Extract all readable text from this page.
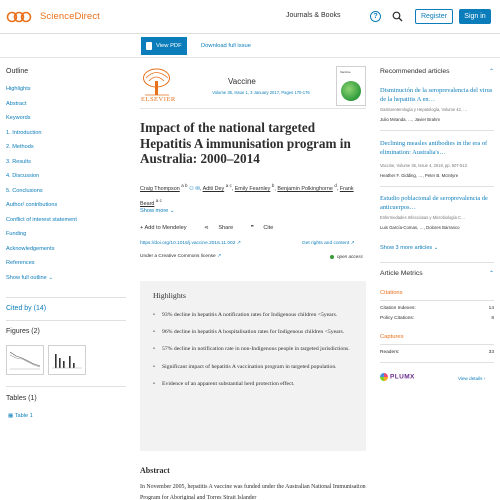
ScienceDirect	Journals & Books	?	Register	Sign in
View PDF	Download full issue
Outline
Highlights
Abstract
Keywords
1. Introduction
2. Methods
3. Results
4. Discussion
5. Conclusions
Author/ contributions
Conflict of interest statement
Funding
Acknowledgements
References
Show full outline ⌄
Cited by (14)
Figures (2)
Tables (1)
▦ Table 1
ELSEVIER
Vaccine
Volume 35, Issue 1, 3 January 2017, Pages 170-176
Vaccine
Impact of the national targeted Hepatitis A immunisation program in Australia: 2000–2014
Craig Thompson $^{a b}$ ⚇ ✉, Aditi Dey $^{a c}$, Emily Fearnley $^b$, Benjamin Polkinghorne $^d$, Frank Beard $^{a c}$
Show more ⌄
+ Add to Mendeley	⋖ Share	❞ Cite
https://doi.org/10.1016/j.vaccine.2016.11.002 ↗	Get rights and content ↗
Under a Creative Commons license ↗	open access
Highlights
• 93% decline in hepatitis A notification rates for Indigenous children <5years.
• 96% decline in hepatitis A hospitalisation rates for Indigenous children <5years.
• 57% decline in notification rate in non-Indigenous people in targeted jurisdictions.
• Significant impact of hepatitis A vaccination program in targeted population.
• Evidence of an apparent substantial herd protection effect.
Abstract

In November 2005, hepatitis A vaccine was funded under the Australian National Immunisation Program for Aboriginal and Torres Strait Islander

Recommended articles	⌃
Disminución de la seroprevalencia del virus de la hepatitis A en…
Gastroenterología y Hepatología, Volume 42, …
Julio Miranda, …, Javier Brahm
Declining measles antibodies in the era of elimination: Australia's…
Vaccine, Volume 36, Issue 4, 2018, pp. 507-513
Heather F. Gidding, …, Peter B. McIntyre
Estudio poblacional de seroprevalencia de anticuerpos…
Enfermedades Infecciosas y Microbiología C…
Luis García-Comas, …, Dolores Barranco
Show 3 more articles ⌄
Article Metrics	⌃
Citations
Citation Indexes:	14
Policy Citations:	8
Captures
Readers:	33
PLUMX	View details ›
